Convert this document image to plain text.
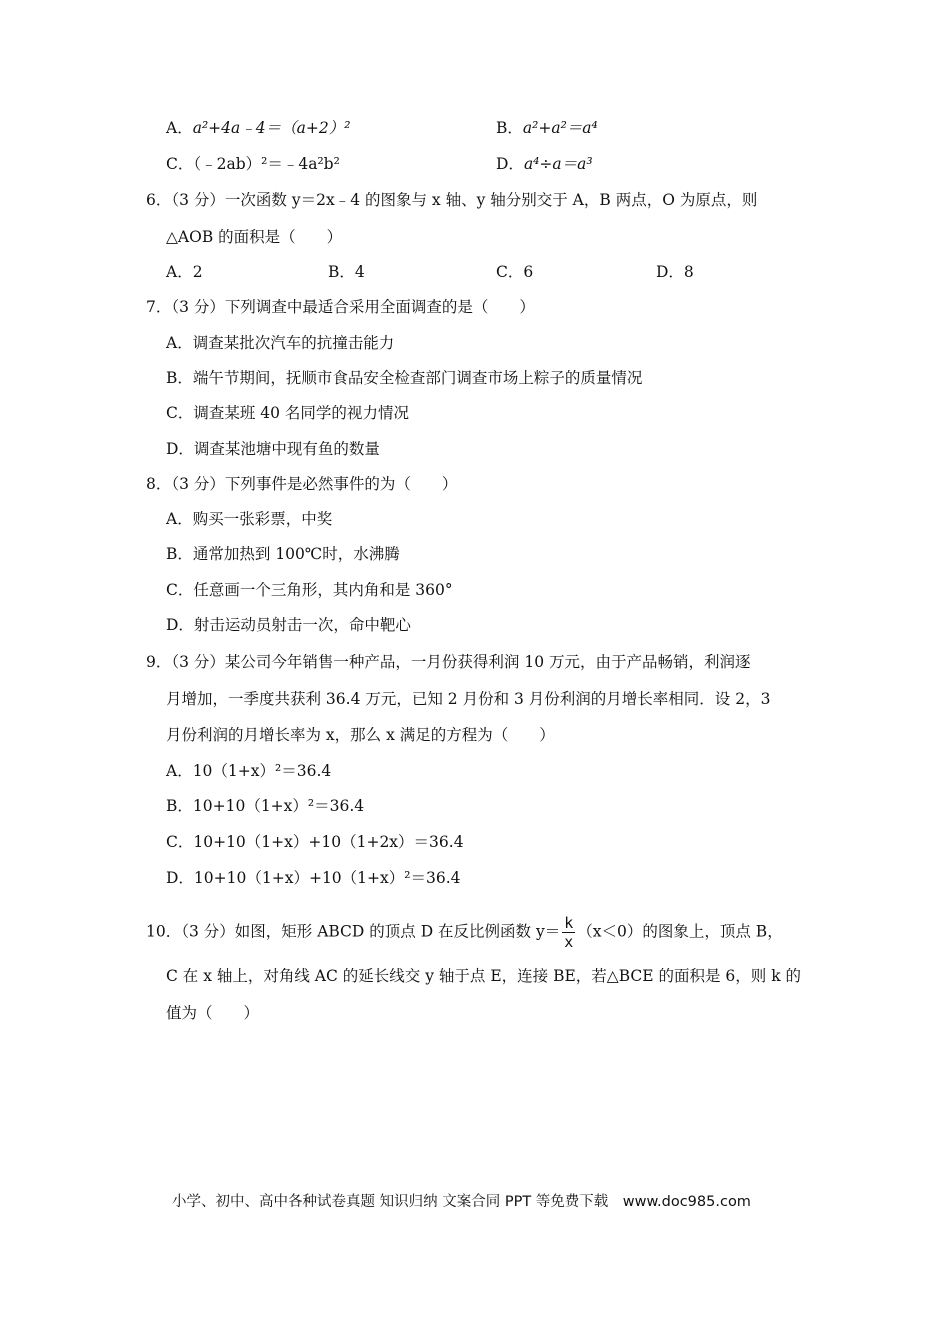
A．a²+4a﹣4＝（a+2）²	B．a²+a²＝a⁴
C．（﹣2ab）²＝﹣4a²b²	D．a⁴÷a＝a³
6．（3 分）一次函数 y＝2x﹣4 的图象与 x 轴、y 轴分别交于 A，B 两点，O 为原点，则
△AOB 的面积是（　　）
A．2	B．4	C．6	D．8
7．（3 分）下列调查中最适合采用全面调查的是（　　）
A．调查某批次汽车的抗撞击能力
B．端午节期间，抚顺市食品安全检查部门调查市场上粽子的质量情况
C．调查某班 40 名同学的视力情况
D．调查某池塘中现有鱼的数量
8．（3 分）下列事件是必然事件的为（　　）
A．购买一张彩票，中奖
B．通常加热到 100℃时，水沸腾
C．任意画一个三角形，其内角和是 360°
D．射击运动员射击一次，命中靶心
9．（3 分）某公司今年销售一种产品，一月份获得利润 10 万元，由于产品畅销，利润逐
月增加，一季度共获利 36.4 万元，已知 2 月份和 3 月份利润的月增长率相同．设 2，3
月份利润的月增长率为 x，那么 x 满足的方程为（　　）
A．10（1+x）²＝36.4
B．10+10（1+x）²＝36.4
C．10+10（1+x）+10（1+2x）＝36.4
D．10+10（1+x）+10（1+x）²＝36.4
10．（3 分）如图，矩形 ABCD 的顶点 D 在反比例函数 $y= \frac{k}{x} (x<0)$的图象上，顶点 B，
C 在 x 轴上，对角线 AC 的延长线交 y 轴于点 E，连接 BE，若△BCE 的面积是 6，则 k 的
值为（　　）
小学、初中、高中各种试卷真题 知识归纳 文案合同 PPT 等免费下载　www.doc985.com
